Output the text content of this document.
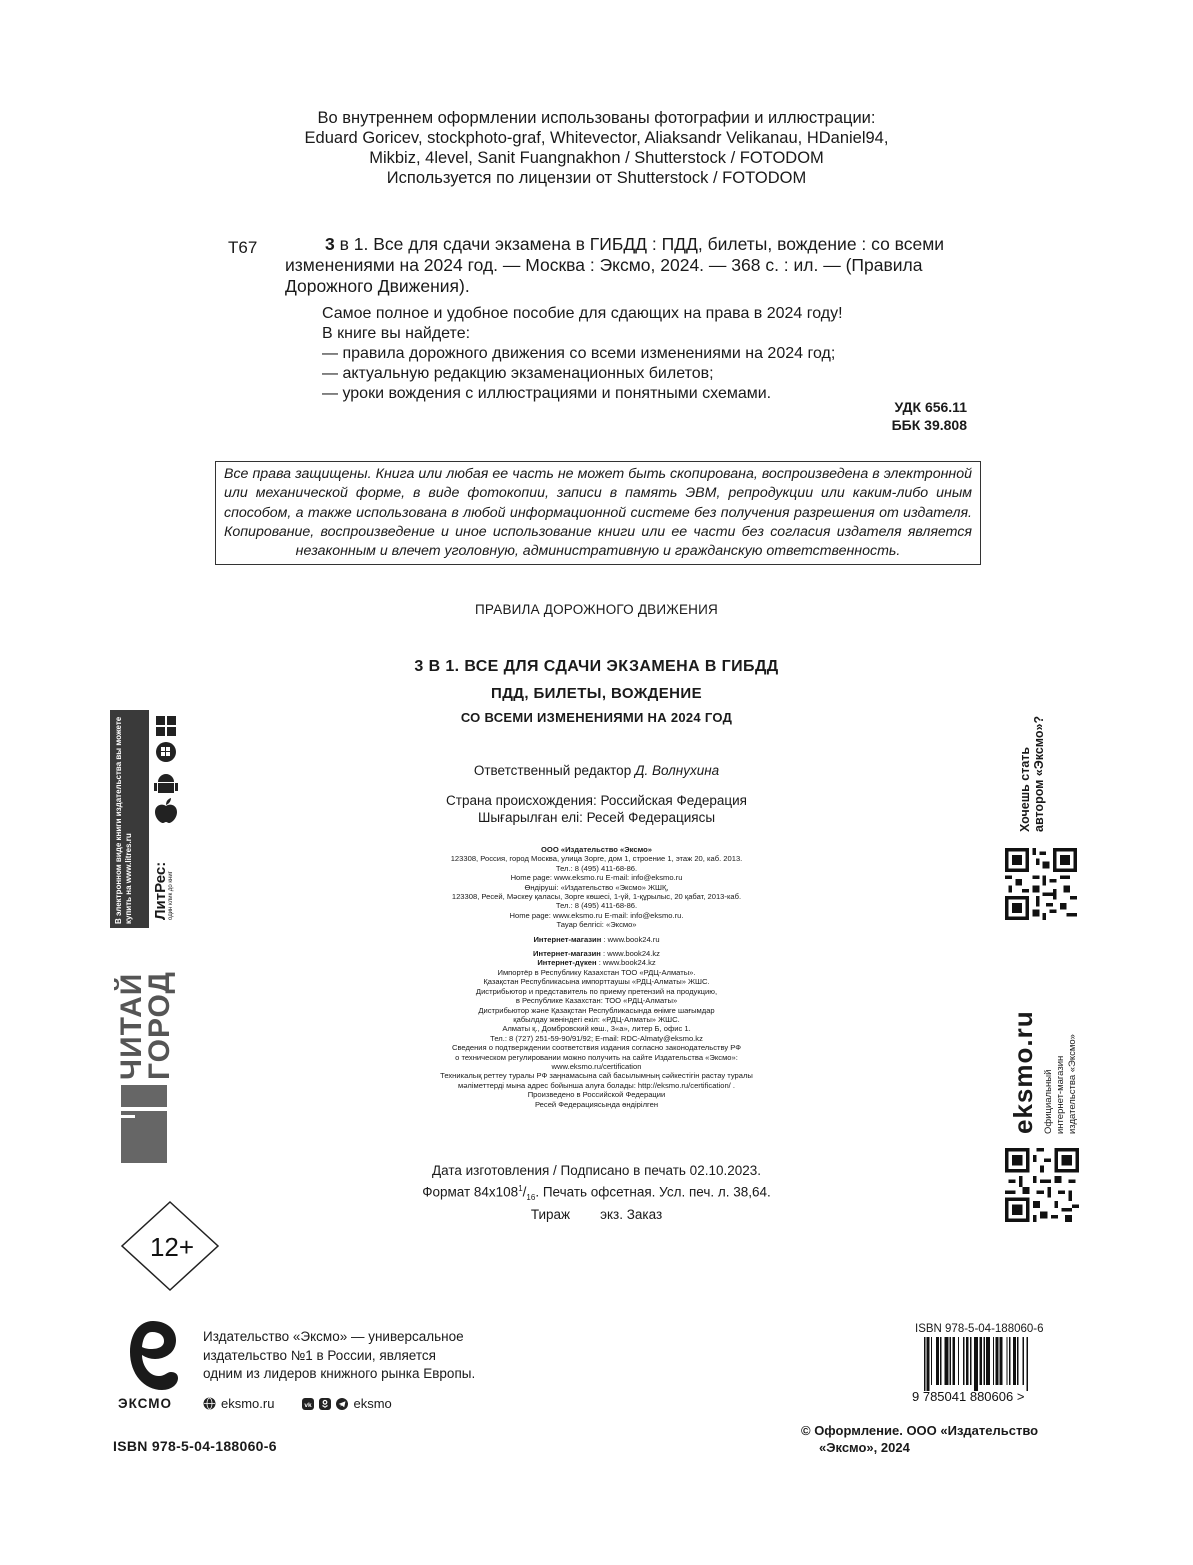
Во внутреннем оформлении использованы фотографии и иллюстрации:
Eduard Goricev, stockphoto-graf, Whitevector, Aliaksandr Velikanau, HDaniel94,
Mikbiz, 4level, Sanit Fuangnakhon / Shutterstock / FOTODOM
Используется по лицензии от Shutterstock / FOTODOM
Т67	3 в 1. Все для сдачи экзамена в ГИБДД : ПДД, билеты, вождение : со всеми изменениями на 2024 год. — Москва : Эксмо, 2024. — 368 с. : ил. — (Правила Дорожного Движения).
Самое полное и удобное пособие для сдающих на права в 2024 году!
В книге вы найдете:
— правила дорожного движения со всеми изменениями на 2024 год;
— актуальную редакцию экзаменационных билетов;
— уроки вождения с иллюстрациями и понятными схемами.
УДК 656.11
ББК 39.808
Все права защищены. Книга или любая ее часть не может быть скопирована, воспроизведена в электронной или механической форме, в виде фотокопии, записи в память ЭВМ, репродукции или каким-либо иным способом, а также использована в любой информационной системе без получения разрешения от издателя. Копирование, воспроизведение и иное использование книги или ее части без согласия издателя является незаконным и влечет уголовную, административную и гражданскую ответственность.
ПРАВИЛА ДОРОЖНОГО ДВИЖЕНИЯ
3 В 1. ВСЕ ДЛЯ СДАЧИ ЭКЗАМЕНА В ГИБДД
ПДД, БИЛЕТЫ, ВОЖДЕНИЕ
СО ВСЕМИ ИЗМЕНЕНИЯМИ НА 2024 ГОД
Ответственный редактор Д. Волнухина
Страна происхождения: Российская Федерация
Шығарылған елі: Ресей Федерациясы

ООО «Издательство «Эксмо»

123308, Россия, город Москва, улица Зорге, дом 1, строение 1, этаж 20, каб. 2013.

Тел.: 8 (495) 411-68-86.

Home page: www.eksmo.ru E-mail: info@eksmo.ru

Өндіруші: «Издательство «Эксмо» ЖШҚ,

123308, Ресей, Мәскеу қаласы, Зорге көшесі, 1-үй, 1-құрылыс, 20 қабат, 2013-каб.

Тел.: 8 (495) 411-68-86.

Home page: www.eksmo.ru E-mail: info@eksmo.ru.

Тауар белгісі: «Эксмо»

Интернет-магазин : www.book24.ru

Интернет-магазин : www.book24.kz

Интернет-дүкен : www.book24.kz

Импортёр в Республику Казахстан ТОО «РДЦ-Алматы».

Қазақстан Республикасына импорттаушы «РДЦ-Алматы» ЖШС.

Дистрибьютор и представитель по приему претензий на продукцию,

в Республике Казахстан: ТОО «РДЦ-Алматы»

Дистрибьютор және Қазақстан Республикасында өнімге шағымдар

қабылдау жөніндегі екіл: «РДЦ-Алматы» ЖШС.

Алматы қ., Домбровский көш., 3«а», литер Б, офис 1.

Тел.: 8 (727) 251-59-90/91/92; E-mail: RDC-Almaty@eksmo.kz

Сведения о подтверждении соответствия издания согласно законодательству РФ

о техническом регулировании можно получить на сайте Издательства «Эксмо»:

www.eksmo.ru/certification

Техникалық реттеу туралы РФ заңнамасына сай басылымның сәйкестігін растау туралы

мәліметтерді мына адрес бойынша алуға болады: http://eksmo.ru/certification/ .

Произведено в Российской Федерации

Ресей Федерациясында өндірілген

Дата изготовления / Подписано в печать 02.10.2023.
Формат $84х108^1/_{16}$. Печать офсетная. Усл. печ. л. 38,64.
Тираж        экз. Заказ
В электронном виде книги издательства вы можете
купить на www.litres.ru ЛитРес: один клик до книг
ЧИТАЙ
ГОРОД
12+
ЭКСМО
Издательство «Эксмо» — универсальное
издательство №1 в России, является
одним из лидеров книжного рынка Европы.
eksmo.ru	vk	eksmo
ISBN 978-5-04-188060-6
Хочешь стать
автором «Эксмо»?
eksmo.ru Официальный
интернет-магазин
издательства «Эксмо»
ISBN 978-5-04-188060-6
9 785041 880606 >
© Оформление. ООО «Издательство
«Эксмо», 2024
